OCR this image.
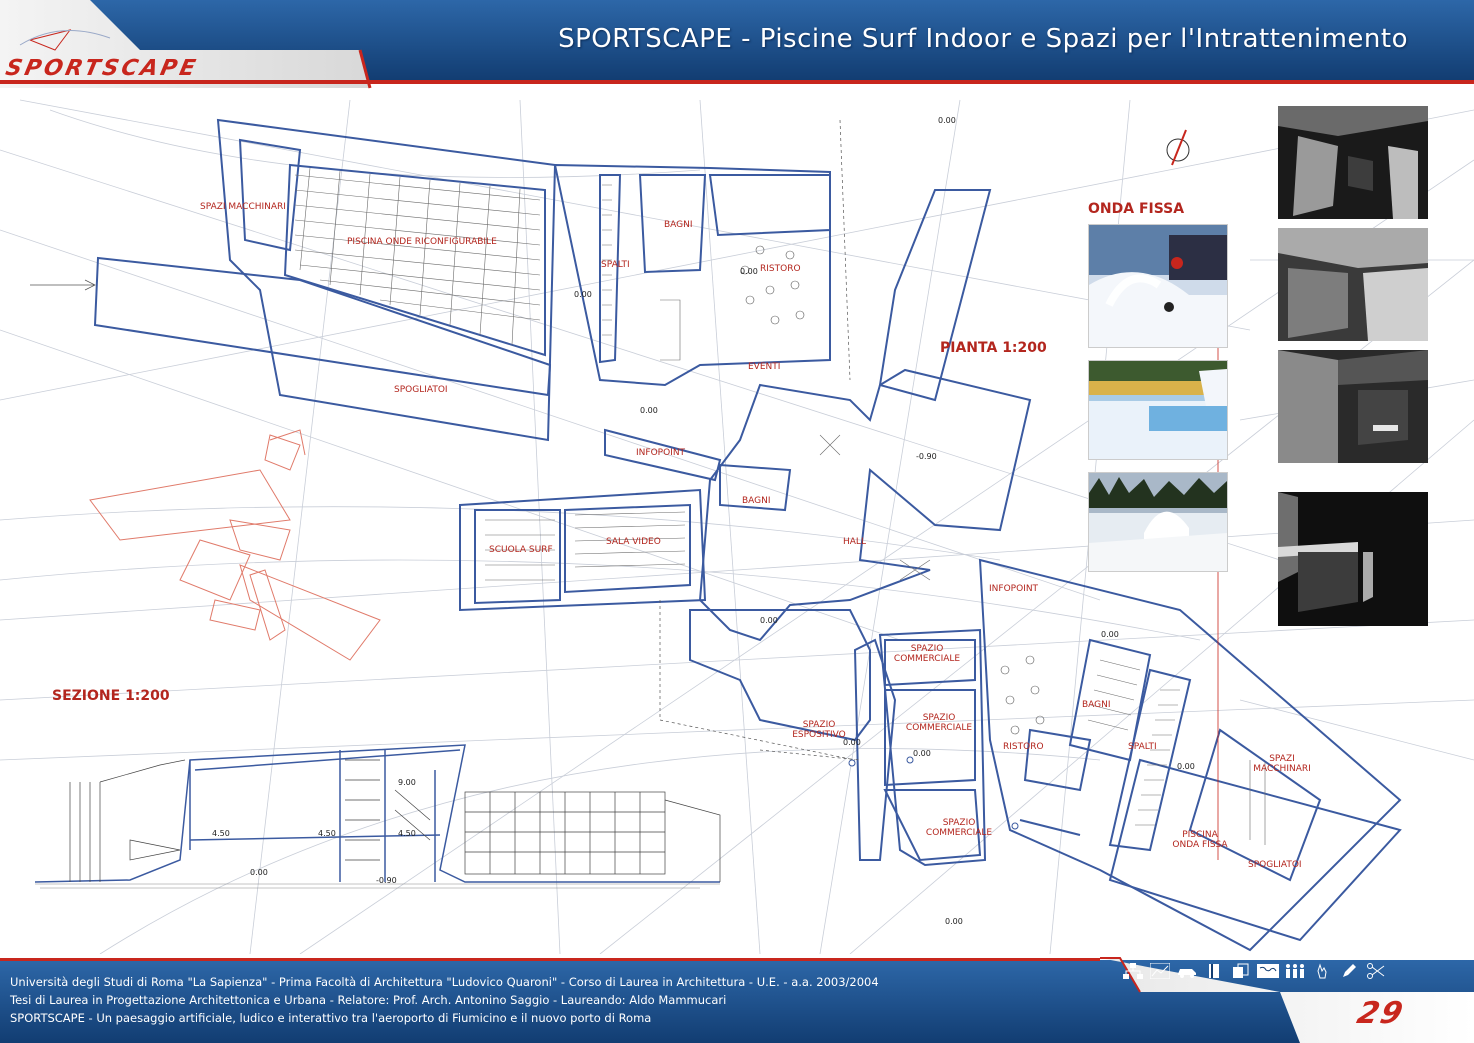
SPORTSCAPE
SPORTSCAPE - Piscine Surf Indoor e Spazi per l'Intrattenimento
SPAZI MACCHINARI
PISCINA ONDE RICONFIGURABILE
SPALTI
BAGNI
RISTORO
EVENTI
SPOGLIATOI
INFOPOINT
BAGNI
SCUOLA SURF
SALA VIDEO	HALL
INFOPOINT
SPAZIO COMMERCIALE
SPAZIO COMMERCIALE
SPAZIO COMMERCIALE
SPAZIO ESPOSITIVO
RISTORO
BAGNI
SPALTI
SPAZI MACCHINARI
PISCINA ONDA FISSA
SPOGLIATOI
0.00
0.00
0.00
0.00
-0.90
0.00
0.00
0.00
0.00
0.00
0.00
9.00
4.50	4.50	4.50
0.00
-0.90
ONDA FISSA
PIANTA 1:200
SEZIONE 1:200
Università degli Studi di Roma "La Sapienza" - Prima Facoltà di Architettura "Ludovico Quaroni" - Corso di Laurea in Architettura - U.E. - a.a. 2003/2004
Tesi di Laurea in Progettazione Architettonica e Urbana - Relatore: Prof. Arch. Antonino Saggio - Laureando: Aldo Mammucari
SPORTSCAPE - Un paesaggio artificiale, ludico e interattivo tra l'aeroporto di Fiumicino e il nuovo porto di Roma	29
